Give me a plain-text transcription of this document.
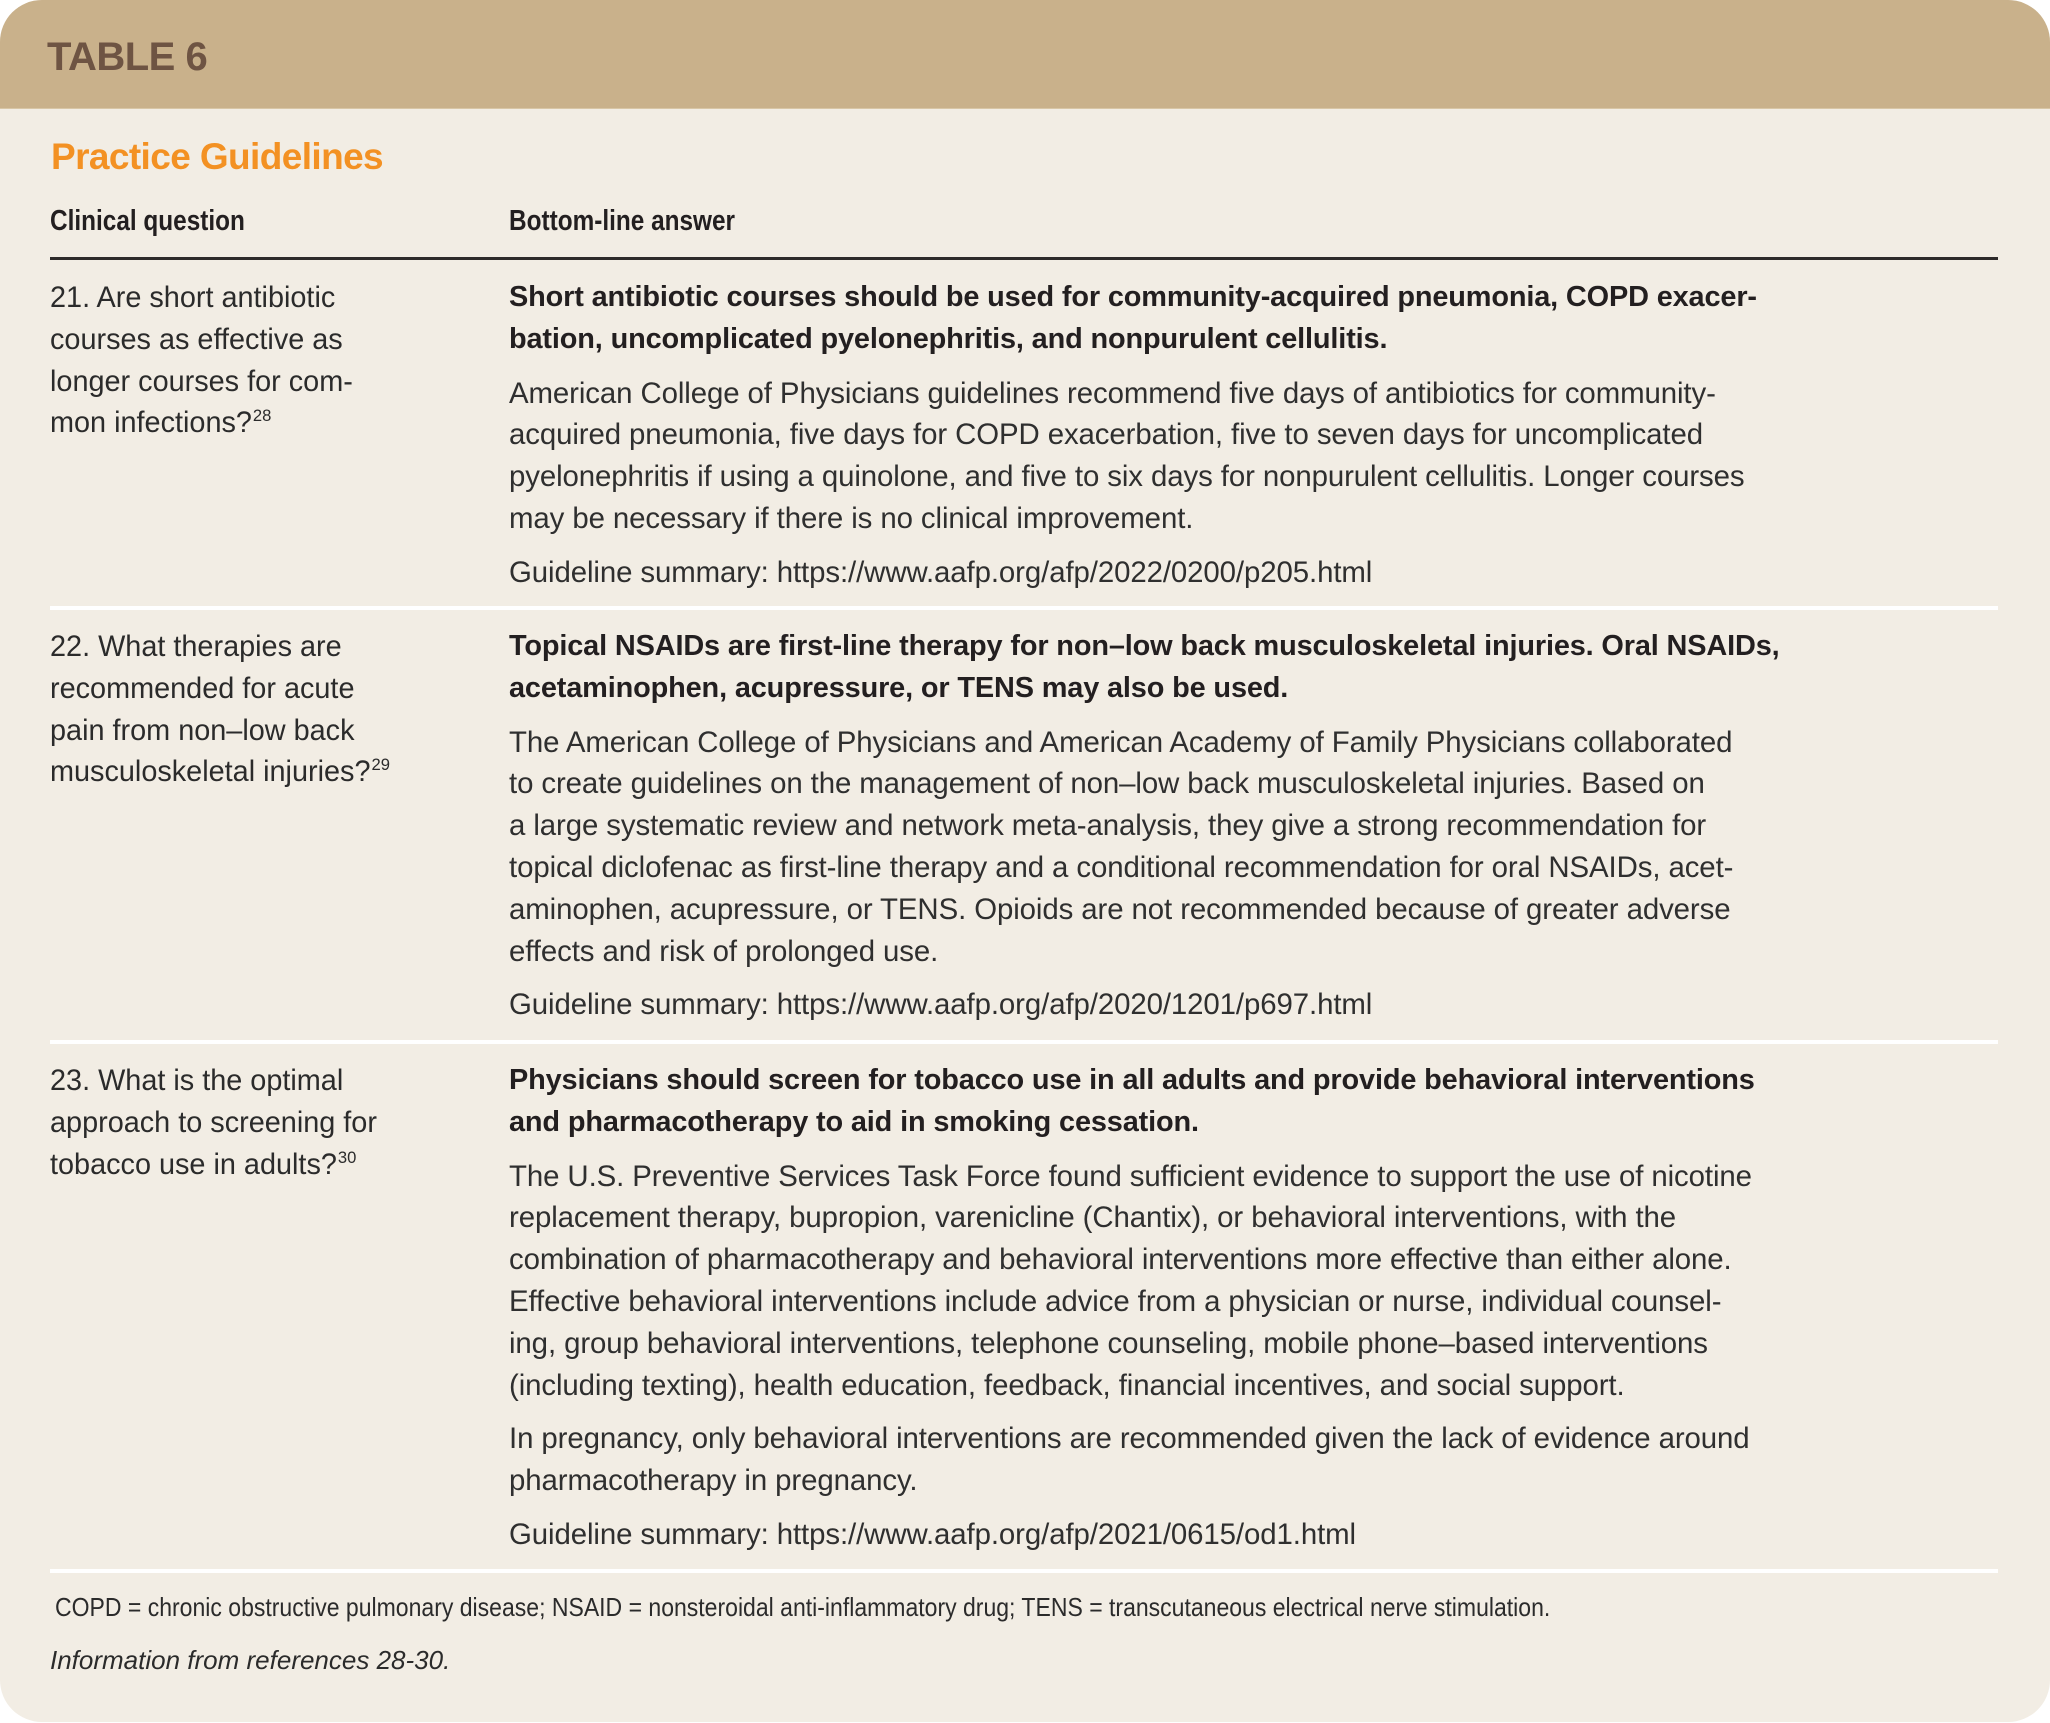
TABLE 6
Practice Guidelines
Clinical question	Bottom-line answer
21. Are short antibiotic
courses as effective as
longer courses for com-
mon infections?$^{28}$
Short antibiotic courses should be used for community-acquired pneumonia, COPD exacer-
bation, uncomplicated pyelonephritis, and nonpurulent cellulitis.
American College of Physicians guidelines recommend five days of antibiotics for community-
acquired pneumonia, five days for COPD exacerbation, five to seven days for uncomplicated
pyelonephritis if using a quinolone, and five to six days for nonpurulent cellulitis. Longer courses
may be necessary if there is no clinical improvement.
Guideline summary: https://www.aafp.org/afp/2022/0200/p205.html
22. What therapies are
recommended for acute
pain from non–low back
musculoskeletal injuries?$^{29}$
Topical NSAIDs are first-line therapy for non–low back musculoskeletal injuries. Oral NSAIDs,
acetaminophen, acupressure, or TENS may also be used.
The American College of Physicians and American Academy of Family Physicians collaborated
to create guidelines on the management of non–low back musculoskeletal injuries. Based on
a large systematic review and network meta-analysis, they give a strong recommendation for
topical diclofenac as first-line therapy and a conditional recommendation for oral NSAIDs, acet-
aminophen, acupressure, or TENS. Opioids are not recommended because of greater adverse
effects and risk of prolonged use.
Guideline summary: https://www.aafp.org/afp/2020/1201/p697.html
23. What is the optimal
approach to screening for
tobacco use in adults?$^{30}$
Physicians should screen for tobacco use in all adults and provide behavioral interventions
and pharmacotherapy to aid in smoking cessation.
The U.S. Preventive Services Task Force found sufficient evidence to support the use of nicotine
replacement therapy, bupropion, varenicline (Chantix), or behavioral interventions, with the
combination of pharmacotherapy and behavioral interventions more effective than either alone.
Effective behavioral interventions include advice from a physician or nurse, individual counsel-
ing, group behavioral interventions, telephone counseling, mobile phone–based interventions
(including texting), health education, feedback, financial incentives, and social support.
In pregnancy, only behavioral interventions are recommended given the lack of evidence around
pharmacotherapy in pregnancy.
Guideline summary: https://www.aafp.org/afp/2021/0615/od1.html
COPD = chronic obstructive pulmonary disease; NSAID = nonsteroidal anti-inflammatory drug; TENS = transcutaneous electrical nerve stimulation.
Information from references 28-30.
